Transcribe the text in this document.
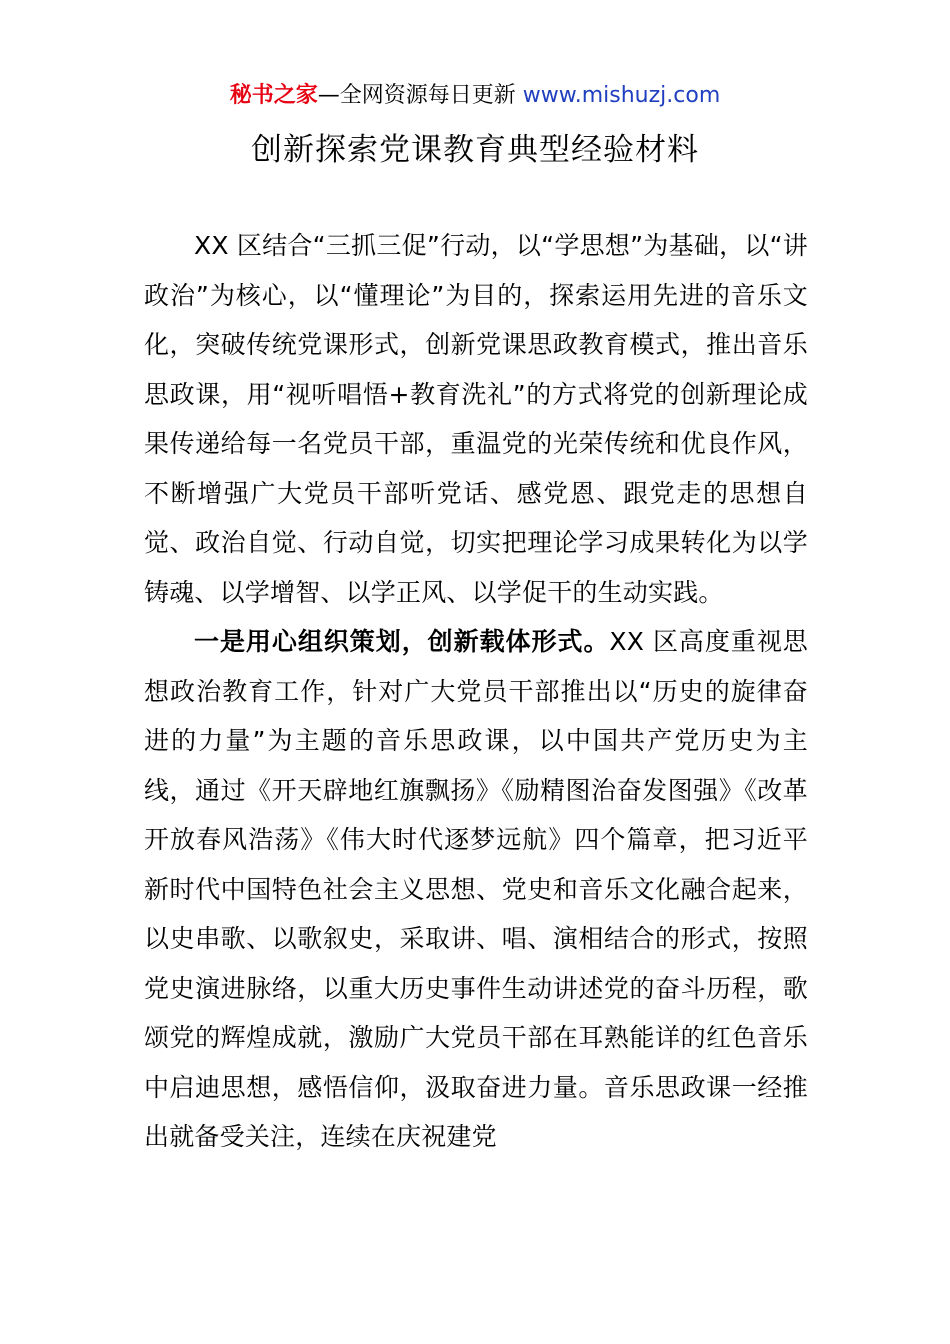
秘书之家—全网资源每日更新 www.mishuzj.com
创新探索党课教育典型经验材料

XX 区结合“三抓三促”行动，以“学思想”为基础，以“讲政治”为核心，以“懂理论”为目的，探索运用先进的音乐文化，突破传统党课形式，创新党课思政教育模式，推出音乐思政课，用“视听唱悟+教育洗礼”的方式将党的创新理论成果传递给每一名党员干部，重温党的光荣传统和优良作风，不断增强广大党员干部听党话、感党恩、跟党走的思想自觉、政治自觉、行动自觉，切实把理论学习成果转化为以学铸魂、以学增智、以学正风、以学促干的生动实践。

一是用心组织策划，创新载体形式。XX 区高度重视思想政治教育工作，针对广大党员干部推出以“历史的旋律奋进的力量”为主题的音乐思政课，以中国共产党历史为主线，通过《开天辟地红旗飘扬》《励精图治奋发图强》《改革开放春风浩荡》《伟大时代逐梦远航》四个篇章，把习近平新时代中国特色社会主义思想、党史和音乐文化融合起来，以史串歌、以歌叙史，采取讲、唱、演相结合的形式，按照党史演进脉络，以重大历史事件生动讲述党的奋斗历程，歌颂党的辉煌成就，激励广大党员干部在耳熟能详的红色音乐中启迪思想，感悟信仰，汲取奋进力量。音乐思政课一经推出就备受关注，连续在庆祝建党
